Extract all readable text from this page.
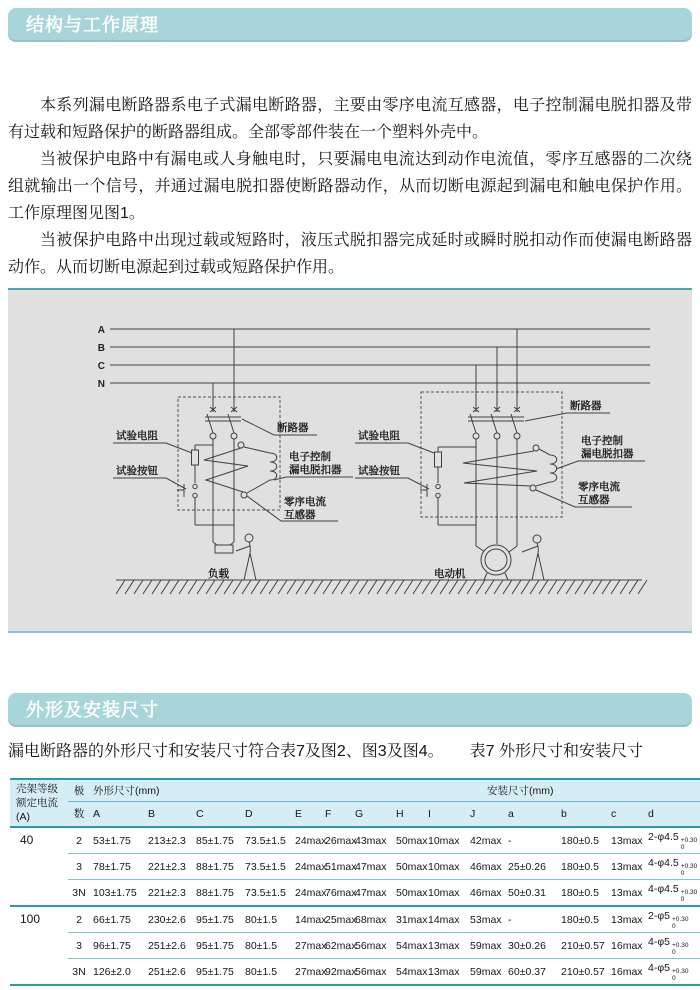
结构与工作原理

本系列漏电断路器系电子式漏电断路器，主要由零序电流互感器，电子控制漏电脱扣器及带有过载和短路保护的断路器组成。全部零部件装在一个塑料外壳中。

当被保护电路中有漏电或人身触电时，只要漏电电流达到动作电流值，零序互感器的二次绕组就输出一个信号，并通过漏电脱扣器使断路器动作，从而切断电源起到漏电和触电保护作用。工作原理图见图1。

当被保护电路中出现过载或短路时，液压式脱扣器完成延时或瞬时脱扣动作而使漏电断路器动作。从而切断电源起到过载或短路保护作用。

A
B
C
N
试验电阻
试验按钮
断路器
电子控制
漏电脱扣器
零序电流
互感器
负载
试验电阻
试验按钮
断路器
电子控制
漏电脱扣器
零序电流
互感器
电动机
外形及安装尺寸

漏电断路器的外形尺寸和安装尺寸符合表7及图2、图3及图4。 表7 外形尺寸和安装尺寸

壳架等级
额定电流(A)	极	外形尺寸(mm)									安装尺寸(mm)				
	数	A	B	C	D	E	F	G	H	I	J	a	b	c	d
40	2	53±1.75	213±2.3	85±1.75	73.5±1.5	24max	26max	43max	50max	10max	42max	-	180±0.5	13max	2-φ4.5 +0.30
0

	3	78±1.75	221±2.3	88±1.75	73.5±1.5	24max	51max	47max	50max	10max	46max	25±0.26	180±0.5	13max	4-φ4.5 +0.30
0

	3N	103±1.75	221±2.3	88±1.75	73.5±1.5	24max	76max	47max	50max	10max	46max	50±0.31	180±0.5	13max	4-φ4.5 +0.30
0

100	2	66±1.75	230±2.6	95±1.75	80±1.5	14max	25max	68max	31max	14max	53max	-	180±0.5	13max	2-φ5 +0.30
0

	3	96±1.75	251±2.6	95±1.75	80±1.5	27max	62max	56max	54max	13max	59max	30±0.26	210±0.57	16max	4-φ5 +0.30
0

	3N	126±2.0	251±2.6	95±1.75	80±1.5	27max	92max	56max	54max	13max	59max	60±0.37	210±0.57	16max	4-φ5 +0.30
0
